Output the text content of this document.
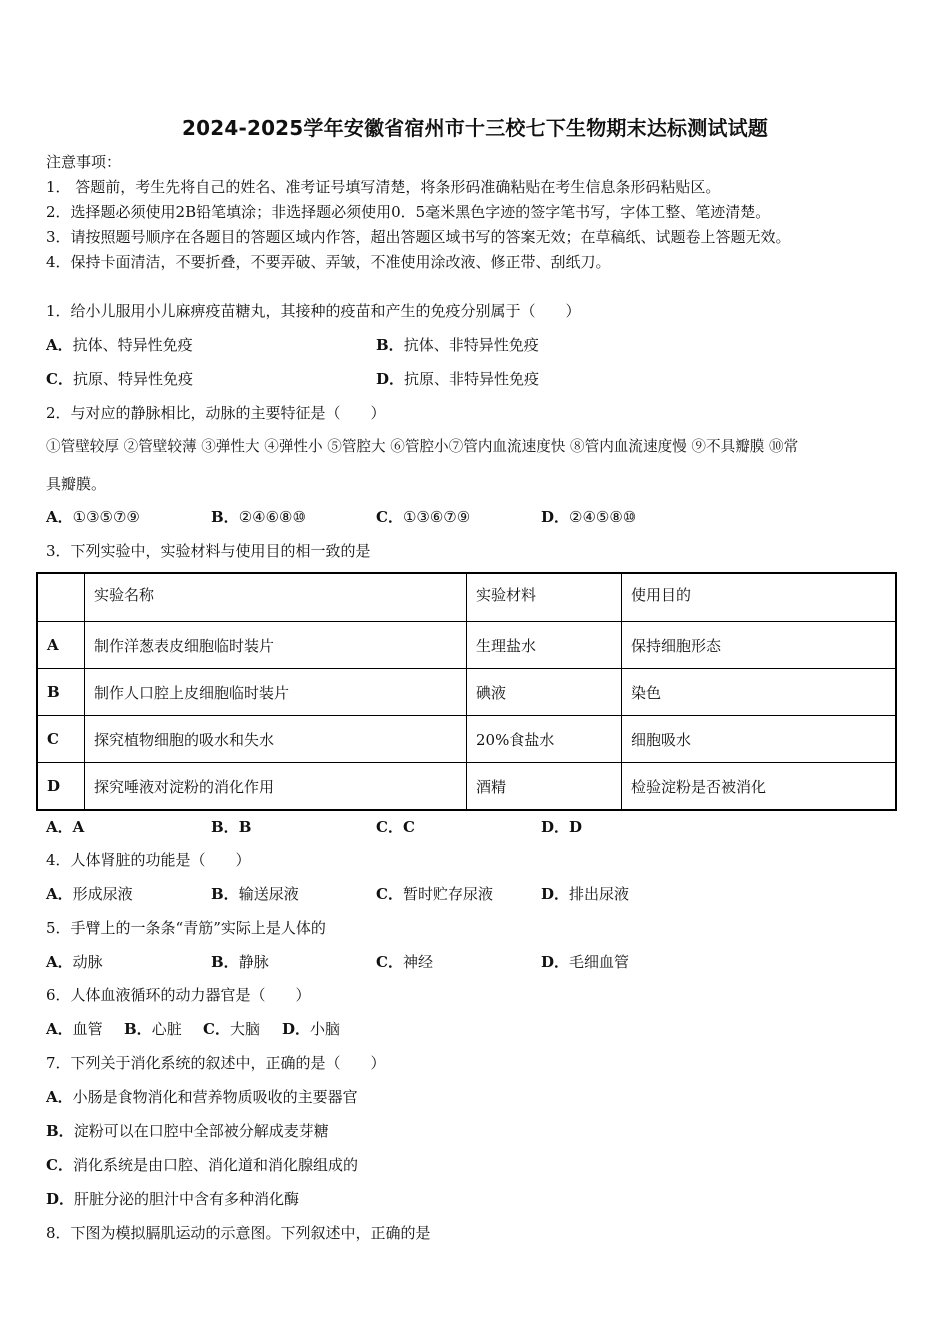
2024-2025学年安徽省宿州市十三校七下生物期末达标测试试题
注意事项：
1． 答题前，考生先将自己的姓名、准考证号填写清楚，将条形码准确粘贴在考生信息条形码粘贴区。
2．选择题必须使用2B铅笔填涂；非选择题必须使用0．5毫米黑色字迹的签字笔书写，字体工整、笔迹清楚。
3．请按照题号顺序在各题目的答题区域内作答，超出答题区域书写的答案无效；在草稿纸、试题卷上答题无效。
4．保持卡面清洁，不要折叠，不要弄破、弄皱，不准使用涂改液、修正带、刮纸刀。
1．给小儿服用小儿麻痹疫苗糖丸，其接种的疫苗和产生的免疫分别属于（　　）
A．抗体、特异性免疫	B．抗体、非特异性免疫
C．抗原、特异性免疫	D．抗原、非特异性免疫
2．与对应的静脉相比，动脉的主要特征是（　　）
①管壁较厚 ②管壁较薄 ③弹性大 ④弹性小 ⑤管腔大 ⑥管腔小⑦管内血流速度快 ⑧管内血流速度慢 ⑨不具瓣膜 ⑩常
具瓣膜。
A．①③⑤⑦⑨	B．②④⑥⑧⑩	C．①③⑥⑦⑨	D．②④⑤⑧⑩
3．下列实验中，实验材料与使用目的相一致的是
	实验名称	实验材料	使用目的
A	制作洋葱表皮细胞临时装片	生理盐水	保持细胞形态
B	制作人口腔上皮细胞临时装片	碘液	染色
C	探究植物细胞的吸水和失水	20%食盐水	细胞吸水
D	探究唾液对淀粉的消化作用	酒精	检验淀粉是否被消化
A．A	B．B	C．C	D．D
4．人体肾脏的功能是（　　）
A．形成尿液	B．输送尿液	C．暂时贮存尿液	D．排出尿液
5．手臂上的一条条“青筋”实际上是人体的
A．动脉	B．静脉	C．神经	D．毛细血管
6．人体血液循环的动力器官是（　　）
A．血管 B．心脏 C．大脑 D．小脑
7．下列关于消化系统的叙述中，正确的是（　　）
A．小肠是食物消化和营养物质吸收的主要器官
B．淀粉可以在口腔中全部被分解成麦芽糖
C．消化系统是由口腔、消化道和消化腺组成的
D．肝脏分泌的胆汁中含有多种消化酶
8．下图为模拟膈肌运动的示意图。下列叙述中，正确的是
